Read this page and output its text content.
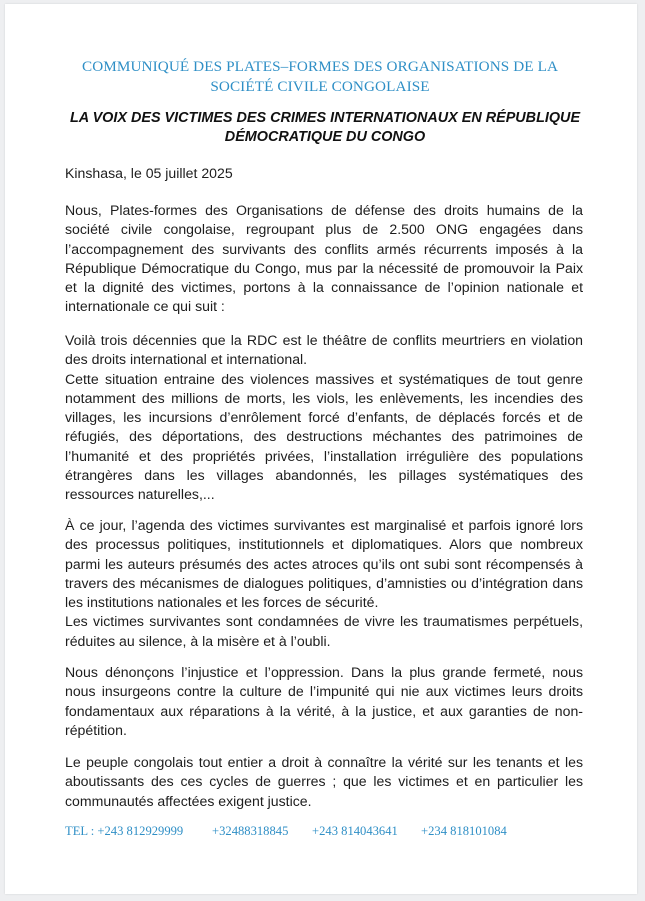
COMMUNIQUÉ DES PLATES–FORMES DES ORGANISATIONS DE LA
SOCIÉTÉ CIVILE CONGOLAISE
LA VOIX DES VICTIMES DES CRIMES INTERNATIONAUX EN RÉPUBLIQUE
DÉMOCRATIQUE DU CONGO
Kinshasa, le 05 juillet 2025

Nous, Plates-formes des Organisations de défense des droits humains de la société civile congolaise, regroupant plus de 2.500 ONG engagées dans l’accompagnement des survivants des conflits armés récurrents imposés à la République Démocratique du Congo, mus par la nécessité de promouvoir la Paix et la dignité des victimes, portons à la connaissance de l’opinion nationale et internationale ce qui suit :

Voilà trois décennies que la RDC est le théâtre de conflits meurtriers en violation des droits international et international.

Cette situation entraine des violences massives et systématiques de tout genre notamment des millions de morts, les viols, les enlèvements, les incendies des villages, les incursions d’enrôlement forcé d’enfants, de déplacés forcés et de réfugiés, des déportations, des destructions méchantes des patrimoines de l’humanité et des propriétés privées, l’installation irrégulière des populations étrangères dans les villages abandonnés, les pillages systématiques des ressources naturelles,...

À ce jour, l’agenda des victimes survivantes est marginalisé et parfois ignoré lors des processus politiques, institutionnels et diplomatiques. Alors que nombreux parmi les auteurs présumés des actes atroces qu’ils ont subi sont récompensés à travers des mécanismes de dialogues politiques, d’amnisties ou d’intégration dans les institutions nationales et les forces de sécurité.

Les victimes survivantes sont condamnées de vivre les traumatismes perpétuels, réduites au silence, à la misère et à l’oubli.

Nous dénonçons l’injustice et l’oppression. Dans la plus grande fermeté, nous nous insurgeons contre la culture de l’impunité qui nie aux victimes leurs droits fondamentaux aux réparations à la vérité, à la justice, et aux garanties de non-répétition.

Le peuple congolais tout entier a droit à connaître la vérité sur les tenants et les aboutissants des ces cycles de guerres ; que les victimes et en particulier les communautés affectées exigent justice.

TEL : +243 812929999 +32488318845 +243 814043641 +234 818101084
